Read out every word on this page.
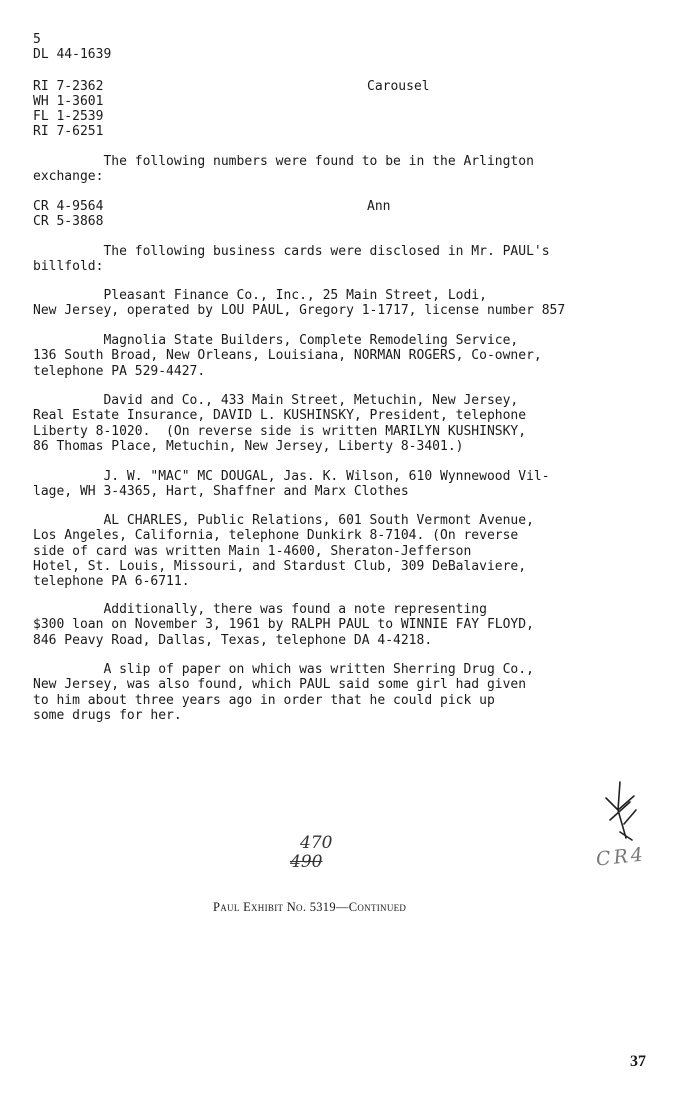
5
DL 44-1639
RI 7-2362
WH 1-3601
FL 1-2539
RI 7-6251
Carousel
The following numbers were found to be in the Arlington
exchange:
CR 4-9564
CR 5-3868
Ann
The following business cards were disclosed in Mr. PAUL's
billfold:
Pleasant Finance Co., Inc., 25 Main Street, Lodi,
New Jersey, operated by LOU PAUL, Gregory 1-1717, license number 857
Magnolia State Builders, Complete Remodeling Service,
136 South Broad, New Orleans, Louisiana, NORMAN ROGERS, Co-owner,
telephone PA 529-4427.
David and Co., 433 Main Street, Metuchin, New Jersey,
Real Estate Insurance, DAVID L. KUSHINSKY, President, telephone
Liberty 8-1020.  (On reverse side is written MARILYN KUSHINSKY,
86 Thomas Place, Metuchin, New Jersey, Liberty 8-3401.)
J. W. "MAC" MC DOUGAL, Jas. K. Wilson, 610 Wynnewood Vil-
lage, WH 3-4365, Hart, Shaffner and Marx Clothes
AL CHARLES, Public Relations, 601 South Vermont Avenue,
Los Angeles, California, telephone Dunkirk 8-7104. (On reverse
side of card was written Main 1-4600, Sheraton-Jefferson
Hotel, St. Louis, Missouri, and Stardust Club, 309 DeBalaviere,
telephone PA 6-6711.
Additionally, there was found a note representing
$300 loan on November 3, 1961 by RALPH PAUL to WINNIE FAY FLOYD,
846 Peavy Road, Dallas, Texas, telephone DA 4-4218.
A slip of paper on which was written Sherring Drug Co.,
New Jersey, was also found, which PAUL said some girl had given
to him about three years ago in order that he could pick up
some drugs for her.
470
490	CR4
Paul Exhibit No. 5319—Continued
37
